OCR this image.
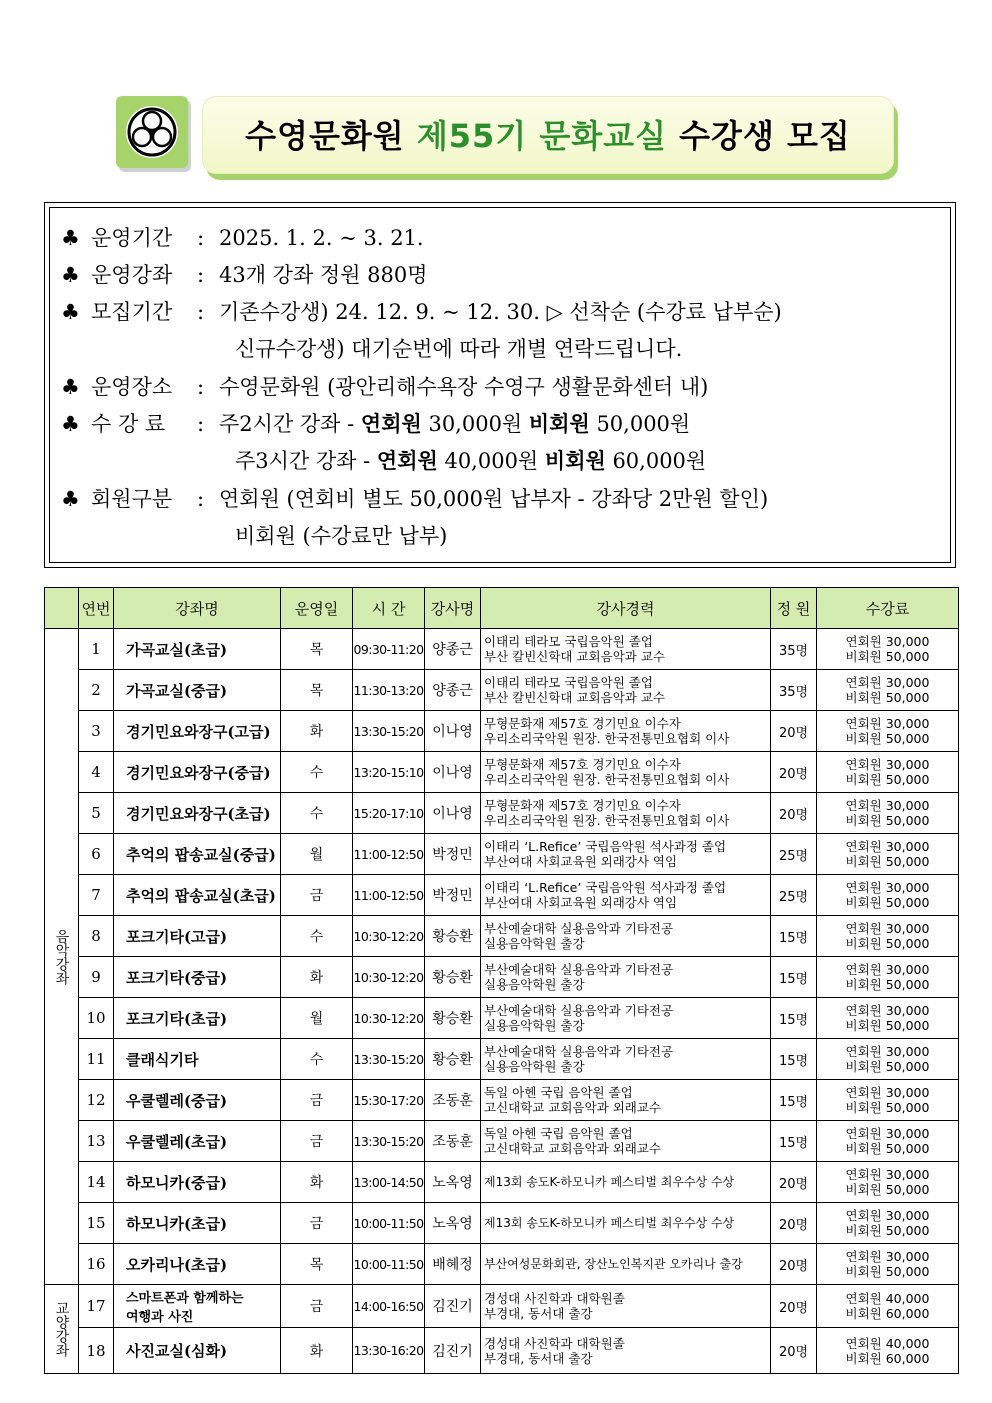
수영문화원 제55기 문화교실 수강생 모집
♣ 운영기간 : 2025. 1. 2. ~ 3. 21.
♣ 운영강좌 : 43개 강좌 정원 880명
♣ 모집기간 : 기존수강생) 24. 12. 9. ~ 12. 30. ▷ 선착순 (수강료 납부순)
신규수강생) 대기순번에 따라 개별 연락드립니다.
♣ 운영장소 : 수영문화원 (광안리해수욕장 수영구 생활문화센터 내)
♣ 수 강 료 : 주2시간 강좌 - 연회원 30,000원 비회원 50,000원
주3시간 강좌 - 연회원 40,000원 비회원 60,000원
♣ 회원구분 : 연회원 (연회비 별도 50,000원 납부자 - 강좌당 2만원 할인)
비회원 (수강료만 납부)
	연번	강좌명	운영일	시 간	강사명	강사경력	정 원	수강료
음악강좌	1	가곡교실(초급)	목	09:30-11:20	양종근	이태리 테라모 국립음악원 졸업
부산 칼빈신학대 교회음악과 교수	35명	연회원 30,000
비회원 50,000
	2	가곡교실(중급)	목	11:30-13:20	양종근	이태리 테라모 국립음악원 졸업
부산 칼빈신학대 교회음악과 교수	35명	연회원 30,000
비회원 50,000
	3	경기민요와장구(고급)	화	13:30-15:20	이나영	무형문화재 제57호 경기민요 이수자
우리소리국악원 원장. 한국전통민요협회 이사	20명	연회원 30,000
비회원 50,000
	4	경기민요와장구(중급)	수	13:20-15:10	이나영	무형문화재 제57호 경기민요 이수자
우리소리국악원 원장. 한국전통민요협회 이사	20명	연회원 30,000
비회원 50,000
	5	경기민요와장구(초급)	수	15:20-17:10	이나영	무형문화재 제57호 경기민요 이수자
우리소리국악원 원장. 한국전통민요협회 이사	20명	연회원 30,000
비회원 50,000
	6	추억의 팝송교실(중급)	월	11:00-12:50	박정민	이태리 ‘L.Refice’ 국립음악원 석사과정 졸업
부산여대 사회교육원 외래강사 역임	25명	연회원 30,000
비회원 50,000
	7	추억의 팝송교실(초급)	금	11:00-12:50	박정민	이태리 ‘L.Refice’ 국립음악원 석사과정 졸업
부산여대 사회교육원 외래강사 역임	25명	연회원 30,000
비회원 50,000
	8	포크기타(고급)	수	10:30-12:20	황승환	부산예술대학 실용음악과 기타전공
실용음악학원 출강	15명	연회원 30,000
비회원 50,000
	9	포크기타(중급)	화	10:30-12:20	황승환	부산예술대학 실용음악과 기타전공
실용음악학원 출강	15명	연회원 30,000
비회원 50,000
	10	포크기타(초급)	월	10:30-12:20	황승환	부산예술대학 실용음악과 기타전공
실용음악학원 출강	15명	연회원 30,000
비회원 50,000
	11	클래식기타	수	13:30-15:20	황승환	부산예술대학 실용음악과 기타전공
실용음악학원 출강	15명	연회원 30,000
비회원 50,000
	12	우쿨렐레(중급)	금	15:30-17:20	조동훈	독일 아헨 국립 음악원 졸업
고신대학교 교회음악과 외래교수	15명	연회원 30,000
비회원 50,000
	13	우쿨렐레(초급)	금	13:30-15:20	조동훈	독일 아헨 국립 음악원 졸업
고신대학교 교회음악과 외래교수	15명	연회원 30,000
비회원 50,000
	14	하모니카(중급)	화	13:00-14:50	노옥영	제13회 송도K-하모니카 페스티벌 최우수상 수상	20명	연회원 30,000
비회원 50,000
	15	하모니카(초급)	금	10:00-11:50	노옥영	제13회 송도K-하모니카 페스티벌 최우수상 수상	20명	연회원 30,000
비회원 50,000
	16	오카리나(초급)	목	10:00-11:50	배혜정	부산여성문화회관, 장산노인복지관 오카리나 출강	20명	연회원 30,000
비회원 50,000
교양강좌	17	스마트폰과 함께하는
여행과 사진	금	14:00-16:50	김진기	경성대 사진학과 대학원졸
부경대, 동서대 출강	20명	연회원 40,000
비회원 60,000
	18	사진교실(심화)	화	13:30-16:20	김진기	경성대 사진학과 대학원졸
부경대, 동서대 출강	20명	연회원 40,000
비회원 60,000
